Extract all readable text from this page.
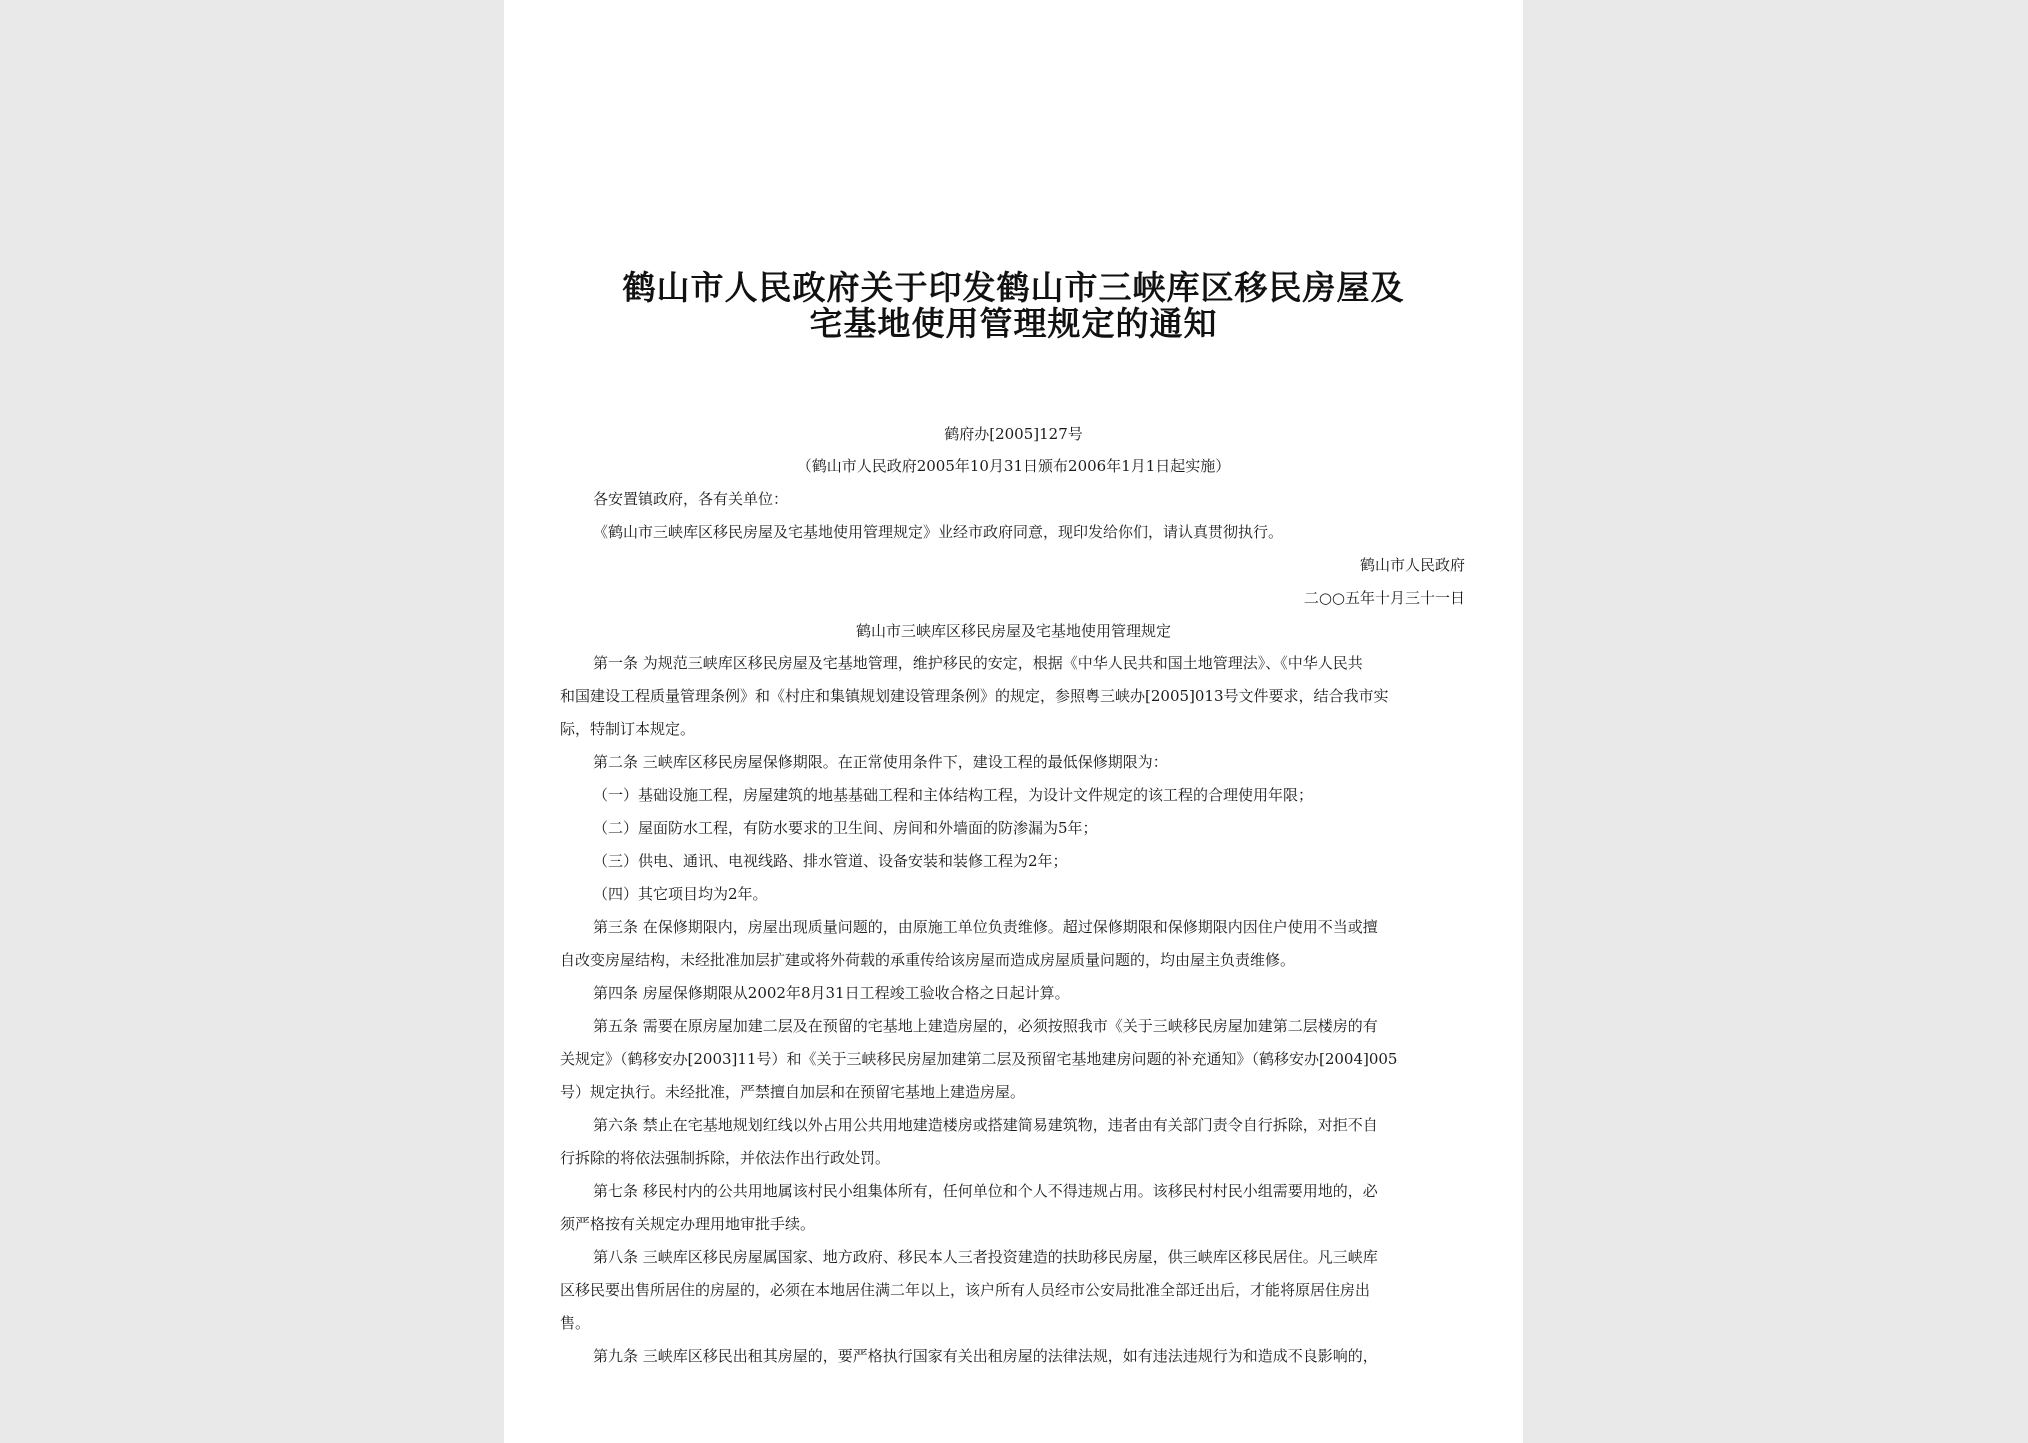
鹤山市人民政府关于印发鹤山市三峡库区移民房屋及
宅基地使用管理规定的通知
鹤府办[2005]127号
（鹤山市人民政府2005年10月31日颁布2006年1月1日起实施）
各安置镇政府，各有关单位：
《鹤山市三峡库区移民房屋及宅基地使用管理规定》业经市政府同意，现印发给你们，请认真贯彻执行。
鹤山市人民政府
二○○五年十月三十一日
鹤山市三峡库区移民房屋及宅基地使用管理规定
第一条 为规范三峡库区移民房屋及宅基地管理，维护移民的安定，根据《中华人民共和国土地管理法》、《中华人民共
和国建设工程质量管理条例》和《村庄和集镇规划建设管理条例》的规定，参照粤三峡办[2005]013号文件要求，结合我市实
际，特制订本规定。
第二条 三峡库区移民房屋保修期限。在正常使用条件下，建设工程的最低保修期限为：
（一）基础设施工程，房屋建筑的地基基础工程和主体结构工程，为设计文件规定的该工程的合理使用年限；
（二）屋面防水工程，有防水要求的卫生间、房间和外墙面的防渗漏为5年；
（三）供电、通讯、电视线路、排水管道、设备安装和装修工程为2年；
（四）其它项目均为2年。
第三条 在保修期限内，房屋出现质量问题的，由原施工单位负责维修。超过保修期限和保修期限内因住户使用不当或擅
自改变房屋结构，未经批准加层扩建或将外荷载的承重传给该房屋而造成房屋质量问题的，均由屋主负责维修。
第四条 房屋保修期限从2002年8月31日工程竣工验收合格之日起计算。
第五条 需要在原房屋加建二层及在预留的宅基地上建造房屋的，必须按照我市《关于三峡移民房屋加建第二层楼房的有
关规定》（鹤移安办[2003]11号）和《关于三峡移民房屋加建第二层及预留宅基地建房问题的补充通知》（鹤移安办[2004]005
号）规定执行。未经批准，严禁擅自加层和在预留宅基地上建造房屋。
第六条 禁止在宅基地规划红线以外占用公共用地建造楼房或搭建简易建筑物，违者由有关部门责令自行拆除，对拒不自
行拆除的将依法强制拆除，并依法作出行政处罚。
第七条 移民村内的公共用地属该村民小组集体所有，任何单位和个人不得违规占用。该移民村村民小组需要用地的，必
须严格按有关规定办理用地审批手续。
第八条 三峡库区移民房屋属国家、地方政府、移民本人三者投资建造的扶助移民房屋，供三峡库区移民居住。凡三峡库
区移民要出售所居住的房屋的，必须在本地居住满二年以上，该户所有人员经市公安局批准全部迁出后，才能将原居住房出
售。
第九条 三峡库区移民出租其房屋的，要严格执行国家有关出租房屋的法律法规，如有违法违规行为和造成不良影响的，
